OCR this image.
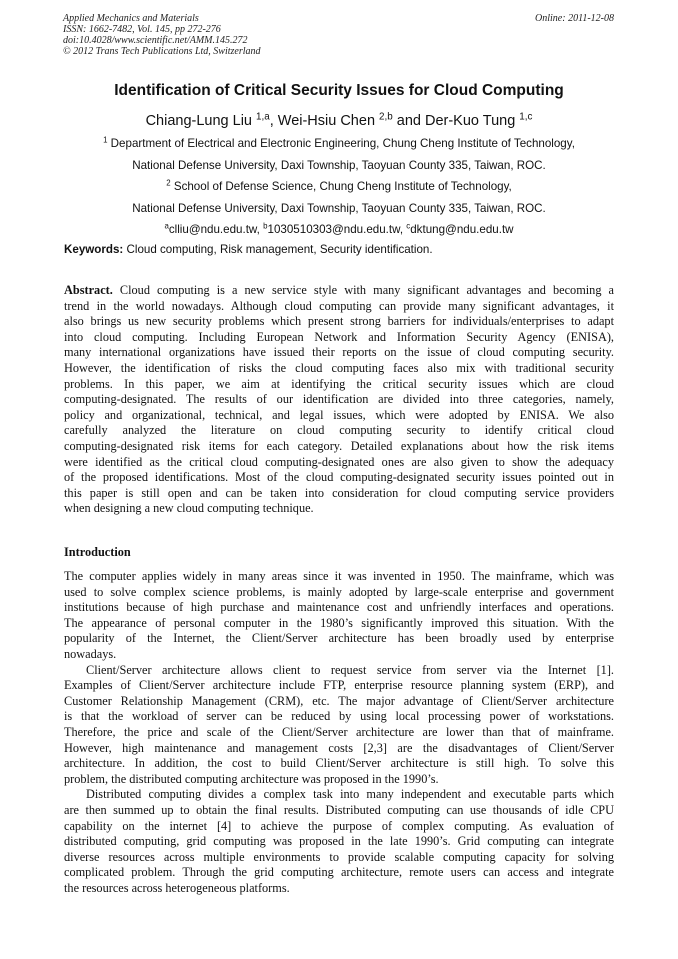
Applied Mechanics and Materials
ISSN: 1662-7482, Vol. 145, pp 272-276
doi:10.4028/www.scientific.net/AMM.145.272
© 2012 Trans Tech Publications Ltd, Switzerland
Online: 2011-12-08
Identification of Critical Security Issues for Cloud Computing
Chiang-Lung Liu $^{1,a}$, Wei-Hsiu Chen $^{2,b}$ and Der-Kuo Tung $^{1,c}$
$^1$ Department of Electrical and Electronic Engineering, Chung Cheng Institute of Technology,
National Defense University, Daxi Township, Taoyuan County 335, Taiwan, ROC.
$^2$ School of Defense Science, Chung Cheng Institute of Technology,
National Defense University, Daxi Township, Taoyuan County 335, Taiwan, ROC.
$^a$clliu@ndu.edu.tw, $^b$1030510303@ndu.edu.tw, $^c$dktung@ndu.edu.tw
Keywords: Cloud computing, Risk management, Security identification.
Abstract. Cloud computing is a new service style with many significant advantages and becoming a
trend in the world nowadays. Although cloud computing can provide many significant advantages, it
also brings us new security problems which present strong barriers for individuals/enterprises to adapt
into cloud computing. Including European Network and Information Security Agency (ENISA),
many international organizations have issued their reports on the issue of cloud computing security.
However, the identification of risks the cloud computing faces also mix with traditional security
problems. In this paper, we aim at identifying the critical security issues which are cloud
computing-designated. The results of our identification are divided into three categories, namely,
policy and organizational, technical, and legal issues, which were adopted by ENISA. We also
carefully analyzed the literature on cloud computing security to identify critical cloud
computing-designated risk items for each category. Detailed explanations about how the risk items
were identified as the critical cloud computing-designated ones are also given to show the adequacy
of the proposed identifications. Most of the cloud computing-designated security issues pointed out in
this paper is still open and can be taken into consideration for cloud computing service providers
when designing a new cloud computing technique.
Introduction
The computer applies widely in many areas since it was invented in 1950. The mainframe, which was
used to solve complex science problems, is mainly adopted by large-scale enterprise and government
institutions because of high purchase and maintenance cost and unfriendly interfaces and operations.
The appearance of personal computer in the 1980’s significantly improved this situation. With the
popularity of the Internet, the Client/Server architecture has been broadly used by enterprise
nowadays.
Client/Server architecture allows client to request service from server via the Internet [1].
Examples of Client/Server architecture include FTP, enterprise resource planning system (ERP), and
Customer Relationship Management (CRM), etc. The major advantage of Client/Server architecture
is that the workload of server can be reduced by using local processing power of workstations.
Therefore, the price and scale of the Client/Server architecture are lower than that of mainframe.
However, high maintenance and management costs [2,3] are the disadvantages of Client/Server
architecture. In addition, the cost to build Client/Server architecture is still high. To solve this
problem, the distributed computing architecture was proposed in the 1990’s.
Distributed computing divides a complex task into many independent and executable parts which
are then summed up to obtain the final results. Distributed computing can use thousands of idle CPU
capability on the internet [4] to achieve the purpose of complex computing. As evaluation of
distributed computing, grid computing was proposed in the late 1990’s. Grid computing can integrate
diverse resources across multiple environments to provide scalable computing capacity for solving
complicated problem. Through the grid computing architecture, remote users can access and integrate
the resources across heterogeneous platforms.
